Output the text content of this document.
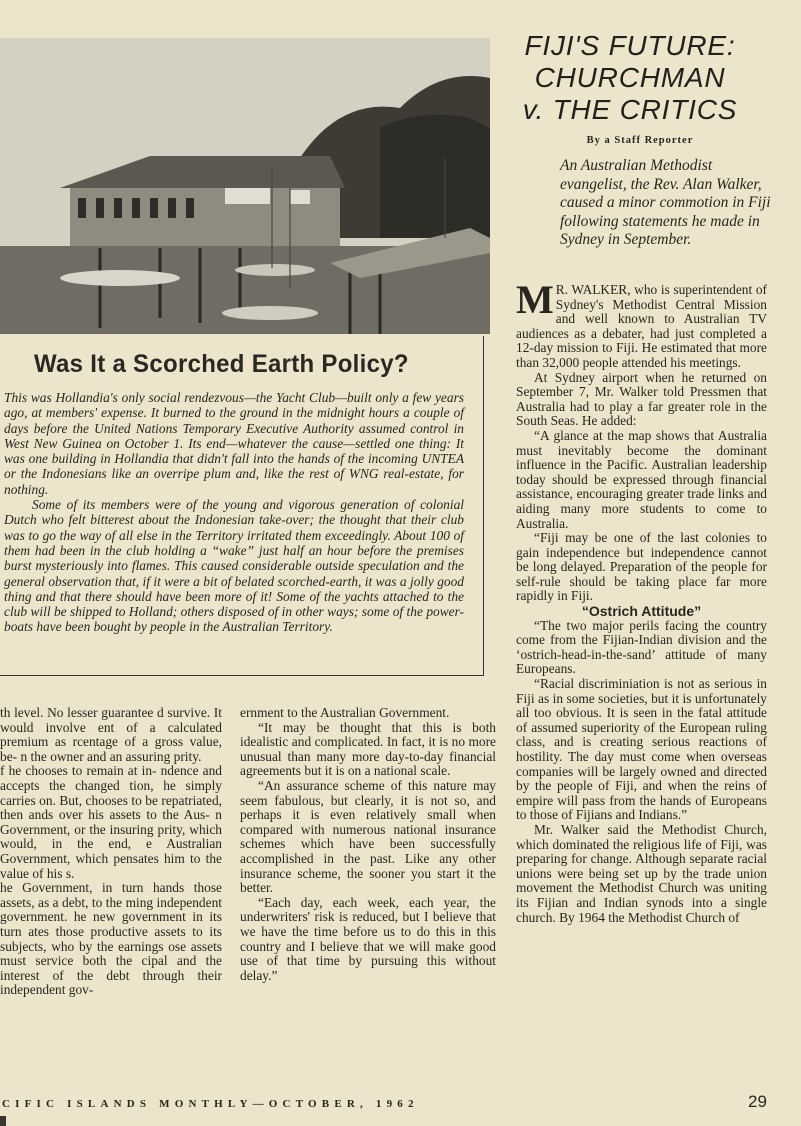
Was It a Scorched Earth Policy?

This was Hollandia's only social rendezvous—the Yacht Club—built only a few years ago, at members' expense. It burned to the ground in the midnight hours a couple of days before the United Nations Temporary Executive Authority assumed control in West New Guinea on October 1. Its end—whatever the cause—settled one thing: It was one building in Hollandia that didn't fall into the hands of the incoming UNTEA or the Indonesians like an overripe plum and, like the rest of WNG real-estate, for nothing.

Some of its members were of the young and vigorous generation of colonial Dutch who felt bitterest about the Indonesian take-over; the thought that their club was to go the way of all else in the Territory irritated them exceedingly. About 100 of them had been in the club holding a “wake” just half an hour before the premises burst mysteriously into flames. This caused considerable outside speculation and the general observation that, if it were a bit of belated scorched-earth, it was a jolly good thing and that there should have been more of it! Some of the yachts attached to the club will be shipped to Holland; others disposed of in other ways; some of the power-boats have been bought by people in the Australian Territory.

FIJI'S FUTURE:
CHURCHMAN
v. THE CRITICS
By a Staff Reporter

An Australian Methodist evangelist, the Rev. Alan Walker, caused a minor commotion in Fiji following statements he made in Sydney in September.

M R. WALKER, who is superintendent of Sydney's Methodist Central Mission and well known to Australian TV audiences as a debater, had just completed a 12-day mission to Fiji. He estimated that more than 32,000 people attended his meetings.

At Sydney airport when he returned on September 7, Mr. Walker told Pressmen that Australia had to play a far greater role in the South Seas. He added:

“A glance at the map shows that Australia must inevitably become the dominant influence in the Pacific. Australian leadership today should be expressed through financial assistance, encouraging greater trade links and aiding many more students to come to Australia.

“Fiji may be one of the last colonies to gain independence but independence cannot be long delayed. Preparation of the people for self-rule should be taking place far more rapidly in Fiji.

“Ostrich Attitude”

“The two major perils facing the country come from the Fijian-Indian division and the ‘ostrich-head-in-the-sand’ attitude of many Europeans.

“Racial discriminiation is not as serious in Fiji as in some societies, but it is unfortunately all too obvious. It is seen in the fatal attitude of assumed superiority of the European ruling class, and is creating serious reactions of hostility. The day must come when overseas companies will be largely owned and directed by the people of Fiji, and when the reins of empire will pass from the hands of Europeans to those of Fijians and Indians.”

Mr. Walker said the Methodist Church, which dominated the religious life of Fiji, was preparing for change. Although separate racial unions were being set up by the trade union movement the Methodist Church was uniting its Fijian and Indian synods into a single church. By 1964 the Methodist Church of

th level. No lesser guarantee d survive. It would involve ent of a calculated premium as rcentage of a gross value, be- n the owner and an assuring prity.

f he chooses to remain at in- ndence and accepts the changed tion, he simply carries on. But, chooses to be repatriated, then ands over his assets to the Aus- n Government, or the insuring prity, which would, in the end, e Australian Government, which pensates him to the value of his s.

he Government, in turn hands those assets, as a debt, to the ming independent government. he new government in its turn ates those productive assets to its subjects, who by the earnings ose assets must service both the cipal and the interest of the debt through their independent gov-

ernment to the Australian Government.

“It may be thought that this is both idealistic and complicated. In fact, it is no more unusual than many more day-to-day financial agreements but it is on a national scale.

“An assurance scheme of this nature may seem fabulous, but clearly, it is not so, and perhaps it is even relatively small when compared with numerous national insurance schemes which have been successfully accomplished in the past. Like any other insurance scheme, the sooner you start it the better.

“Each day, each week, each year, the underwriters' risk is reduced, but I believe that we have the time before us to do this in this country and I believe that we will make good use of that time by pursuing this without delay.”

CIFIC ISLANDS MONTHLY—OCTOBER, 1962	29
